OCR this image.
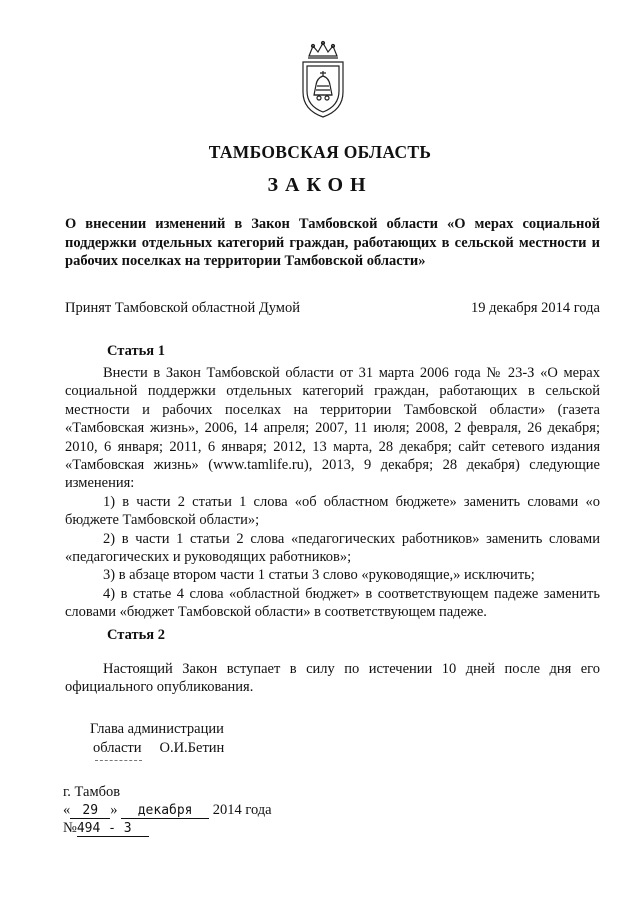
ТАМБОВСКАЯ ОБЛАСТЬ
ЗАКОН
О внесении изменений в Закон Тамбовской области «О мерах социальной поддержки отдельных категорий граждан, работающих в сельской местности и рабочих поселках на территории Тамбовской области»
Принят Тамбовской областной Думой	19 декабря 2014 года
Статья 1

Внести в Закон Тамбовской области от 31 марта 2006 года № 23-З «О мерах социальной поддержки отдельных категорий граждан, работающих в сельской местности и рабочих поселках на территории Тамбовской области» (газета «Тамбовская жизнь», 2006, 14 апреля; 2007, 11 июля; 2008, 2 февраля, 26 декабря; 2010, 6 января; 2011, 6 января; 2012, 13 марта, 28 декабря; сайт сетевого издания «Тамбовская жизнь» (www.tamlife.ru), 2013, 9 декабря; 28 декабря) следующие изменения:

1) в части 2 статьи 1 слова «об областном бюджете» заменить словами «о бюджете Тамбовской области»;

2) в части 1 статьи 2 слова «педагогических работников» заменить словами «педагогических и руководящих работников»;

3) в абзаце втором части 1 статьи 3 слово «руководящие,» исключить;

4) в статье 4 слова «областной бюджет» в соответствующем падеже заменить словами «бюджет Тамбовской области» в соответствующем падеже.

Статья 2

Настоящий Закон вступает в силу по истечении 10 дней после дня его официального опубликования.

Глава администрации
области О.И.Бетин
г. Тамбов
« 29 » декабря 2014 года
№494 - З
